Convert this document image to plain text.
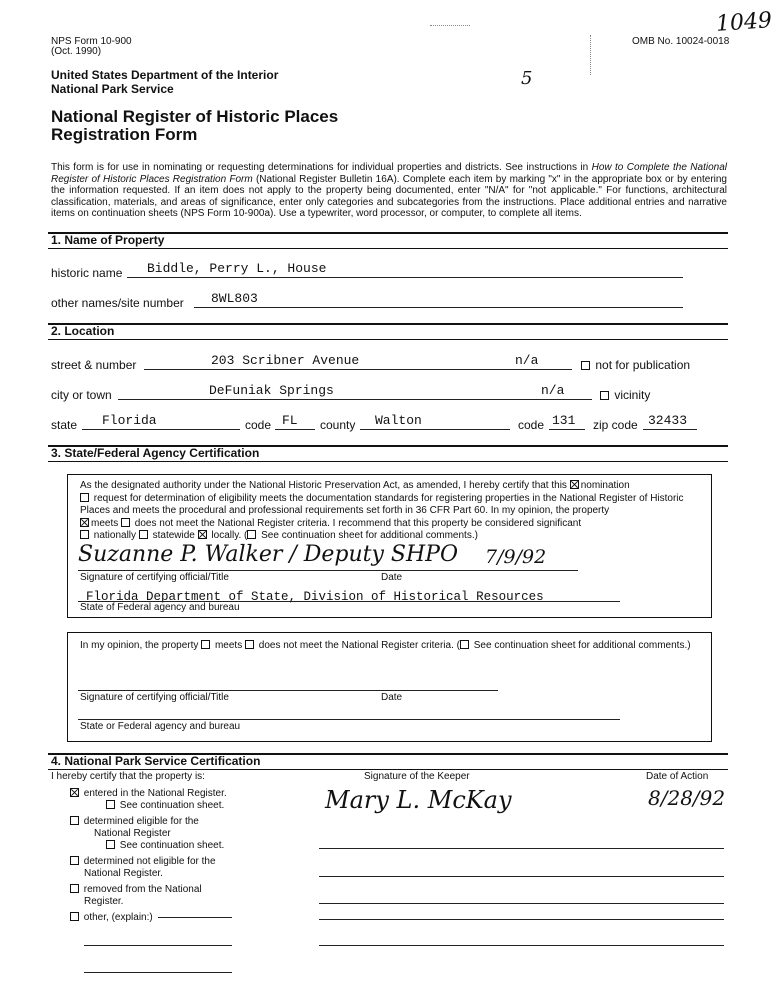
NPS Form 10-900
(Oct. 1990)
OMB No. 10024-0018
1049
5
United States Department of the Interior
National Park Service
National Register of Historic Places
Registration Form
This form is for use in nominating or requesting determinations for individual properties and districts. See instructions in How to Complete the National Register of Historic Places Registration Form (National Register Bulletin 16A). Complete each item by marking "x" in the appropriate box or by entering the information requested. If an item does not apply to the property being documented, enter "N/A" for "not applicable." For functions, architectural classification, materials, and areas of significance, enter only categories and subcategories from the instructions. Place additional entries and narrative items on continuation sheets (NPS Form 10-900a). Use a typewriter, word processor, or computer, to complete all items.
1. Name of Property
historic name Biddle, Perry L., House
other names/site number 8WL803
2. Location
street & number	203 Scribner Avenue	n/a	not for publication
city or town	DeFuniak Springs	n/a	vicinity
state Florida	code FL county Walton	code 131 zip code 32433
3. State/Federal Agency Certification
As the designated authority under the National Historic Preservation Act, as amended, I hereby certify that this nomination
request for determination of eligibility meets the documentation standards for registering properties in the National Register of Historic Places and meets the procedural and professional requirements set forth in 36 CFR Part 60. In my opinion, the property
meets does not meet the National Register criteria. I recommend that this property be considered significant
nationally statewide locally. ( See continuation sheet for additional comments.)
Suzanne P. Walker / Deputy SHPO 7/9/92
Signature of certifying official/Title	Date
Florida Department of State, Division of Historical Resources
State of Federal agency and bureau
In my opinion, the property meets does not meet the National Register criteria. ( See continuation sheet for additional comments.)
Signature of certifying official/Title	Date
State or Federal agency and bureau
4. National Park Service Certification
I hereby certify that the property is:	Signature of the Keeper	Date of Action
entered in the National Register.
See continuation sheet.
determined eligible for the
National Register
See continuation sheet.
determined not eligible for the
National Register.
removed from the National
Register.
other, (explain:)
Mary L. McKay	8/28/92
